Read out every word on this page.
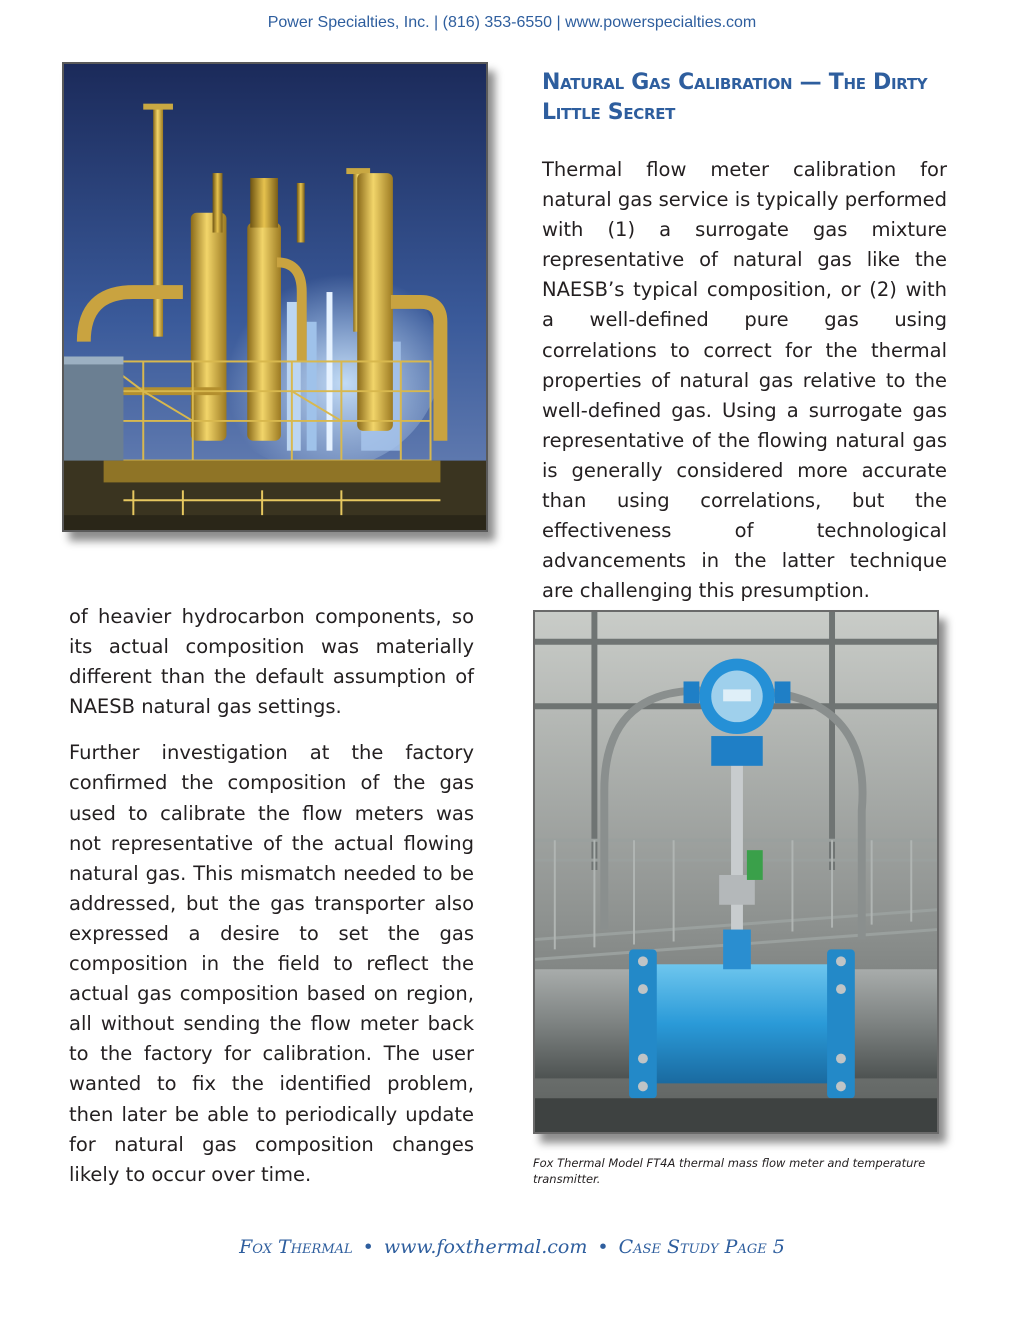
Power Specialties, Inc. | (816) 353-6550 | www.powerspecialties.com
Natural Gas Calibration — The Dirty Little Secret

Thermal flow meter calibration for natural gas service is typically performed with (1) a surrogate gas mixture representative of natural gas like the NAESB’s typical composition, or (2) with a well-defined pure gas using correlations to correct for the thermal properties of natural gas relative to the well-defined gas. Using a surrogate gas representative of the flowing natural gas is generally considered more accurate than using correlations, but the effectiveness of technological advancements in the latter technique are challenging this presumption.

of heavier hydrocarbon components, so its actual composition was materially different than the default assumption of NAESB natural gas settings.

Further investigation at the factory confirmed the composition of the gas used to calibrate the flow meters was not representative of the actual flowing natural gas. This mismatch needed to be addressed, but the gas transporter also expressed a desire to set the gas composition in the field to reflect the actual gas composition based on region, all without sending the flow meter back to the factory for calibration. The user wanted to fix the identified problem, then later be able to periodically update for natural gas composition changes likely to occur over time.	Fox Thermal Model FT4A thermal mass flow meter and temperature transmitter.

Fox Thermal • www.foxthermal.com • Case Study Page 5
